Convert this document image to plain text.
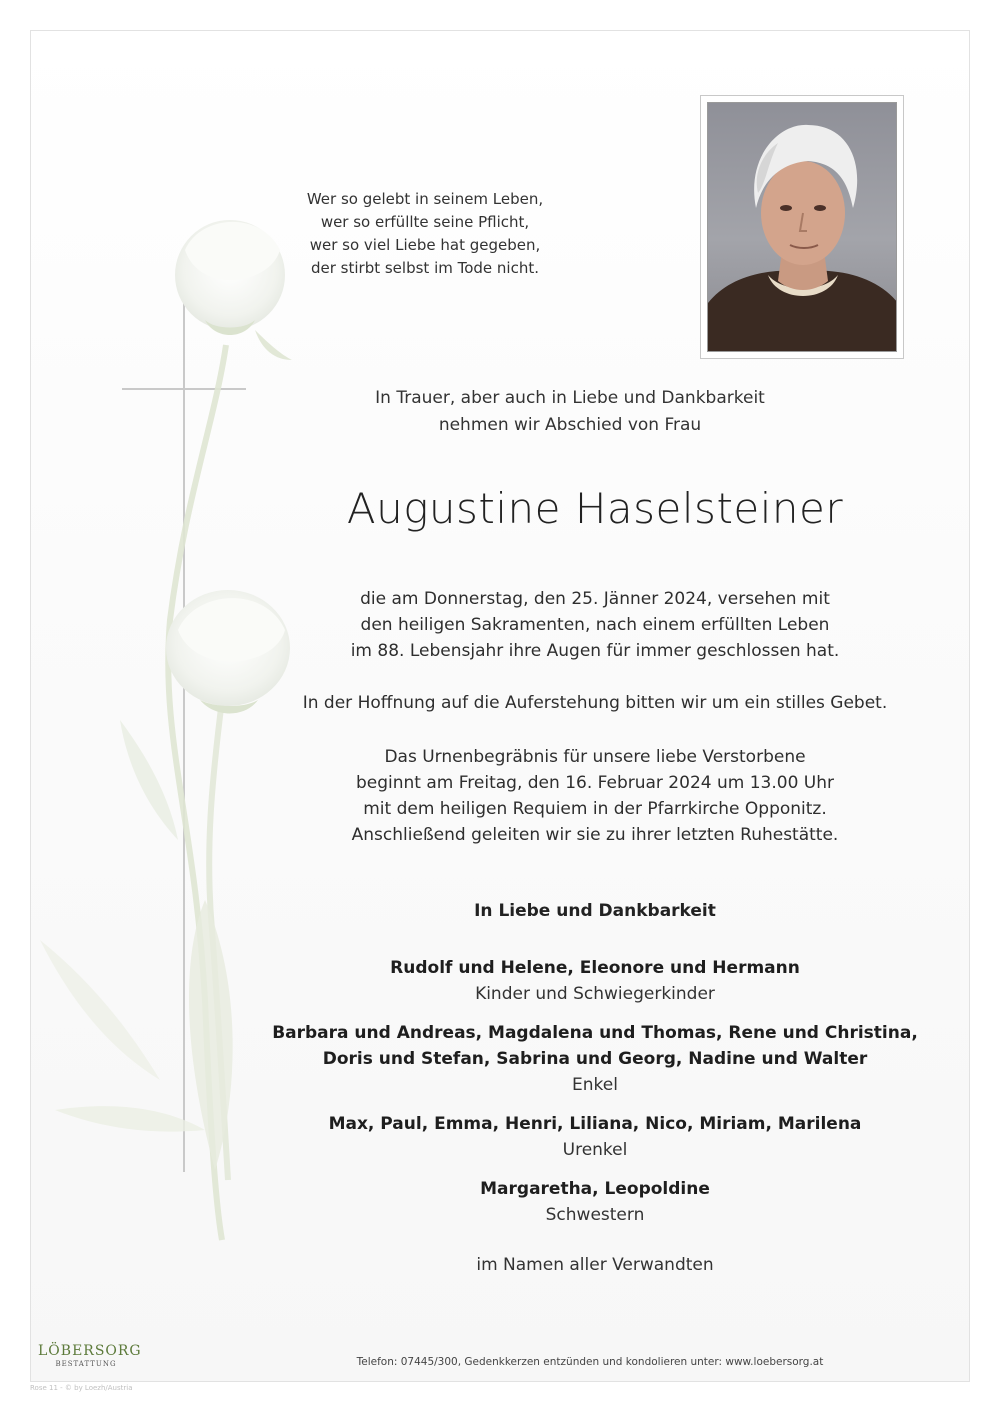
Wer so gelebt in seinem Leben,
wer so erfüllte seine Pflicht,
wer so viel Liebe hat gegeben,
der stirbt selbst im Tode nicht.
In Trauer, aber auch in Liebe und Dankbarkeit
nehmen wir Abschied von Frau
Augustine Haselsteiner
die am Donnerstag, den 25. Jänner 2024, versehen mit
den heiligen Sakramenten, nach einem erfüllten Leben
im 88. Lebensjahr ihre Augen für immer geschlossen hat.
In der Hoffnung auf die Auferstehung bitten wir um ein stilles Gebet.
Das Urnenbegräbnis für unsere liebe Verstorbene
beginnt am Freitag, den 16. Februar 2024 um 13.00 Uhr
mit dem heiligen Requiem in der Pfarrkirche Opponitz.
Anschließend geleiten wir sie zu ihrer letzten Ruhestätte.
In Liebe und Dankbarkeit
Rudolf und Helene, Eleonore und Hermann
Kinder und Schwiegerkinder
Barbara und Andreas, Magdalena und Thomas, Rene und Christina,
Doris und Stefan, Sabrina und Georg, Nadine und Walter
Enkel
Max, Paul, Emma, Henri, Liliana, Nico, Miriam, Marilena
Urenkel
Margaretha, Leopoldine
Schwestern
im Namen aller Verwandten
LÖBERSORG
BESTATTUNG	Telefon: 07445/300, Gedenkkerzen entzünden und kondolieren unter: www.loebersorg.at
Rose 11 - © by Loezh/Austria
